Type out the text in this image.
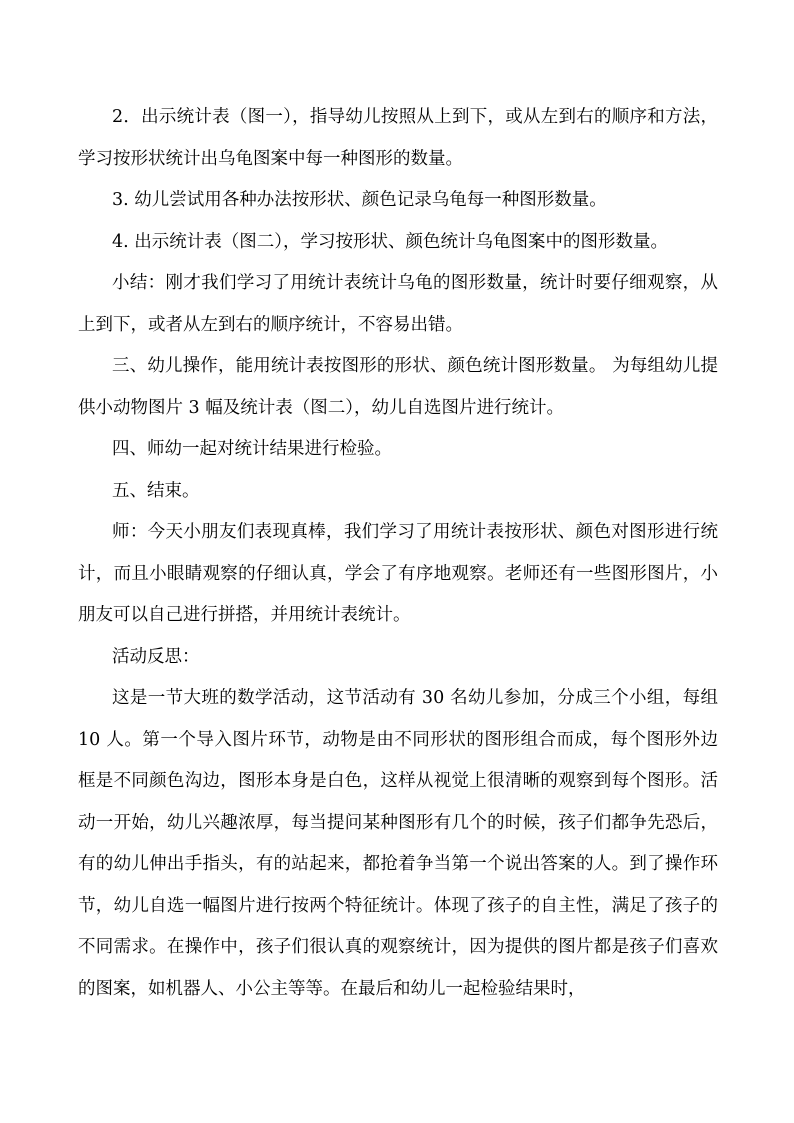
2．出示统计表（图一），指导幼儿按照从上到下，或从左到右的顺序和方法，学习按形状统计出乌龟图案中每一种图形的数量。

3. 幼儿尝试用各种办法按形状、颜色记录乌龟每一种图形数量。

4. 出示统计表（图二），学习按形状、颜色统计乌龟图案中的图形数量。

小结：刚才我们学习了用统计表统计乌龟的图形数量，统计时要仔细观察，从上到下，或者从左到右的顺序统计，不容易出错。

三、幼儿操作，能用统计表按图形的形状、颜色统计图形数量。 为每组幼儿提供小动物图片 3 幅及统计表（图二），幼儿自选图片进行统计。

四、师幼一起对统计结果进行检验。

五、结束。

师：今天小朋友们表现真棒，我们学习了用统计表按形状、颜色对图形进行统计，而且小眼睛观察的仔细认真，学会了有序地观察。老师还有一些图形图片，小朋友可以自己进行拼搭，并用统计表统计。

活动反思：

这是一节大班的数学活动，这节活动有 30 名幼儿参加，分成三个小组，每组 10 人。第一个导入图片环节，动物是由不同形状的图形组合而成，每个图形外边框是不同颜色沟边，图形本身是白色，这样从视觉上很清晰的观察到每个图形。活动一开始，幼儿兴趣浓厚，每当提问某种图形有几个的时候，孩子们都争先恐后，有的幼儿伸出手指头，有的站起来，都抢着争当第一个说出答案的人。到了操作环节，幼儿自选一幅图片进行按两个特征统计。体现了孩子的自主性，满足了孩子的不同需求。在操作中，孩子们很认真的观察统计，因为提供的图片都是孩子们喜欢的图案，如机器人、小公主等等。在最后和幼儿一起检验结果时，
